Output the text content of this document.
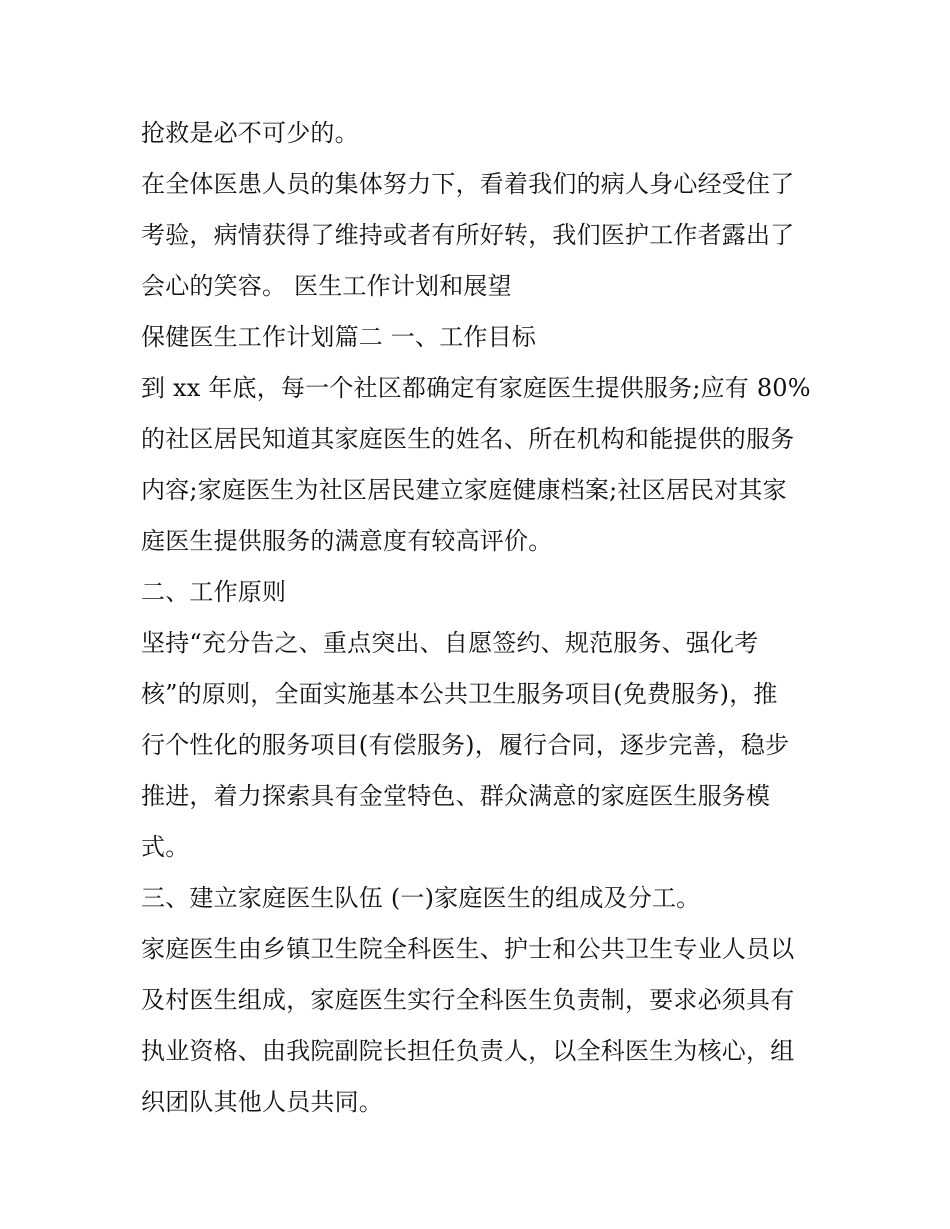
抢救是必不可少的。
在全体医患人员的集体努力下，看着我们的病人身心经受住了
考验，病情获得了维持或者有所好转，我们医护工作者露出了
会心的笑容。 医生工作计划和展望
保健医生工作计划篇二 一、工作目标
到 xx 年底，每一个社区都确定有家庭医生提供服务;应有 80%
的社区居民知道其家庭医生的姓名、所在机构和能提供的服务
内容;家庭医生为社区居民建立家庭健康档案;社区居民对其家
庭医生提供服务的满意度有较高评价。
二、工作原则
坚持“充分告之、重点突出、自愿签约、规范服务、强化考
核”的原则，全面实施基本公共卫生服务项目(免费服务)，推
行个性化的服务项目(有偿服务)，履行合同，逐步完善，稳步
推进，着力探索具有金堂特色、群众满意的家庭医生服务模
式。
三、建立家庭医生队伍 (一)家庭医生的组成及分工。
家庭医生由乡镇卫生院全科医生、护士和公共卫生专业人员以
及村医生组成，家庭医生实行全科医生负责制，要求必须具有
执业资格、由我院副院长担任负责人，以全科医生为核心，组
织团队其他人员共同。
